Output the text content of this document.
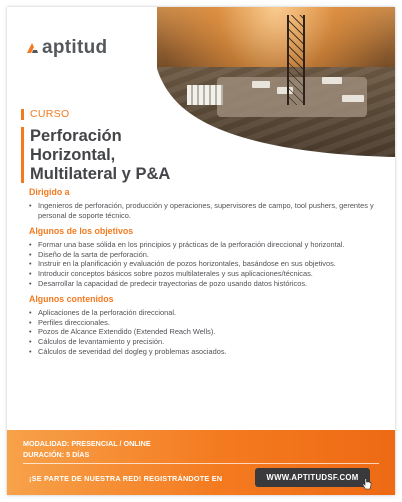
aptitud
CURSO
Perforación
Horizontal,
Multilateral y P&A
Dirigido a
• Ingenieros de perforación, producción y operaciones, supervisores de campo, tool pushers, gerentes y personal de soporte técnico.
Algunos de los objetivos
• Formar una base sólida en los principios y prácticas de la perforación direccional y horizontal.
• Diseño de la sarta de perforación.
• Instruir en la planificación y evaluación de pozos horizontales, basándose en sus objetivos.
• Introducir conceptos básicos sobre pozos multilaterales y sus aplicaciones/técnicas.
• Desarrollar la capacidad de predecir trayectorias de pozo usando datos históricos.
Algunos contenidos
• Aplicaciones de la perforación direccional.
• Perfiles direccionales.
• Pozos de Alcance Extendido (Extended Reach Wells).
• Cálculos de levantamiento y precisión.
• Cálculos de severidad del dogleg y problemas asociados.
MODALIDAD: PRESENCIAL / ONLINE
DURACIÓN: 5 DÍAS
¡SE PARTE DE NUESTRA RED! REGISTRÁNDOTE EN	WWW.APTITUDSF.COM
